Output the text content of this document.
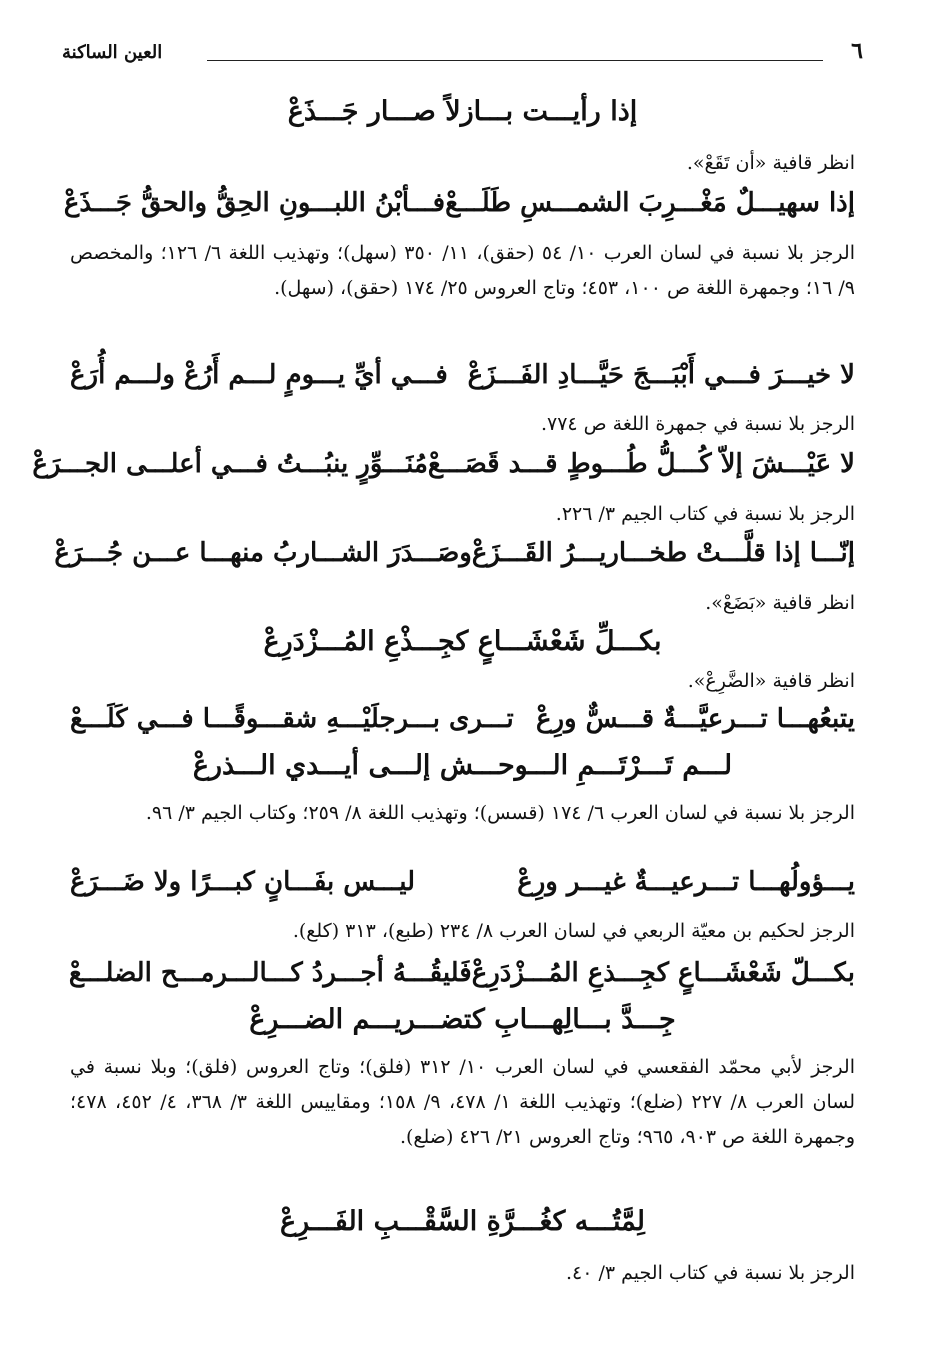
٦
العين الساكنة
إذا رأيـــت بـــازلاً صـــار جَـــذَعْ
انظر قافية «أن تَقَعْ».
إذا سهيـــلٌ مَغْـــرِبَ الشمـــسِ طَلَـــعْ
فـــأبْنُ اللبـــونِ الحِقُّ والحقُّ جَـــذَعْ
الرجز بلا نسبة في لسان العرب ١٠/ ٥٤ (حقق)، ١١/ ٣٥٠ (سهل)؛ وتهذيب اللغة ٦/ ١٢٦؛ والمخصص ٩/ ١٦؛ وجمهرة اللغة ص ١٠٠، ٤٥٣؛ وتاج العروس ٢٥/ ١٧٤ (حقق)، (سهل).
لا خيـــرَ فـــي أَبْبَـــجَ حَيَّـــادِ الفَـــزَعْ
فـــي أيِّ يـــومٍ لـــم أَرُعْ ولـــم أُرَعْ
الرجز بلا نسبة في جمهرة اللغة ص ٧٧٤.
لا عَيْـــشَ إلاّ كُـــلُّ طُـــوطٍ قـــد قَصَـــعْ
مُنَـــوِّرٍ ينبُـــتُ فـــي أعلـــى الجـــرَعْ
الرجز بلا نسبة في كتاب الجيم ٣/ ٢٢٦.
إنّـــا إذا قلَّـــتْ طخـــاريـــرُ القَـــزَعْ
وصَـــدَرَ الشـــاربُ منهـــا عـــن جُـــرَعْ
انظر قافية «بَضَعْ».
بكـــلِّ شَعْشَـــاعٍ كجِـــذْعِ المُـــزْدَرِعْ
انظر قافية «الضَّرِعْ».
يتبعُهـــا تـــرعيَّـــةٌ قـــسٌّ ورِعْ
تـــرى بـــرجلَيْـــهِ شقـــوقًـــا فـــي كَلَـــعْ
لـــم تَـــرْتَـــمِ الـــوحـــش إلـــى أيـــدي الـــذرعْ
الرجز بلا نسبة في لسان العرب ٦/ ١٧٤ (قسس)؛ وتهذيب اللغة ٨/ ٢٥٩؛ وكتاب الجيم ٣/ ٩٦.
يـــؤولُهـــا تـــرعيـــةٌ غيـــر ورِعْ
ليـــس بفَـــانٍ كبـــرًا ولا ضَـــرَعْ
الرجز لحكيم بن معيّة الربعي في لسان العرب ٨/ ٢٣٤ (طبع)، ٣١٣ (كلع).
بكـــلّ شَعْشَـــاعٍ كجِـــذعِ المُـــزْدَرِعْ
فَليقُـــهُ أجـــردُ كـــالـــرمـــح الضلـــعْ
جِـــدَّ بـــالِهـــابِ كتضـــريـــم الضـــرِعْ
الرجز لأبي محمّد الفقعسي في لسان العرب ١٠/ ٣١٢ (فلق)؛ وتاج العروس (فلق)؛ وبلا نسبة في لسان العرب ٨/ ٢٢٧ (ضلع)؛ وتهذيب اللغة ١/ ٤٧٨، ٩/ ١٥٨؛ ومقاييس اللغة ٣/ ٣٦٨، ٤/ ٤٥٢، ٤٧٨؛ وجمهرة اللغة ص ٩٠٣، ٩٦٥؛ وتاج العروس ٢١/ ٤٢٦ (ضلع).
لِمَّتُـــه كغُـــرَّةِ السَّقْـــبِ الفَـــرِعْ
الرجز بلا نسبة في كتاب الجيم ٣/ ٤٠.
